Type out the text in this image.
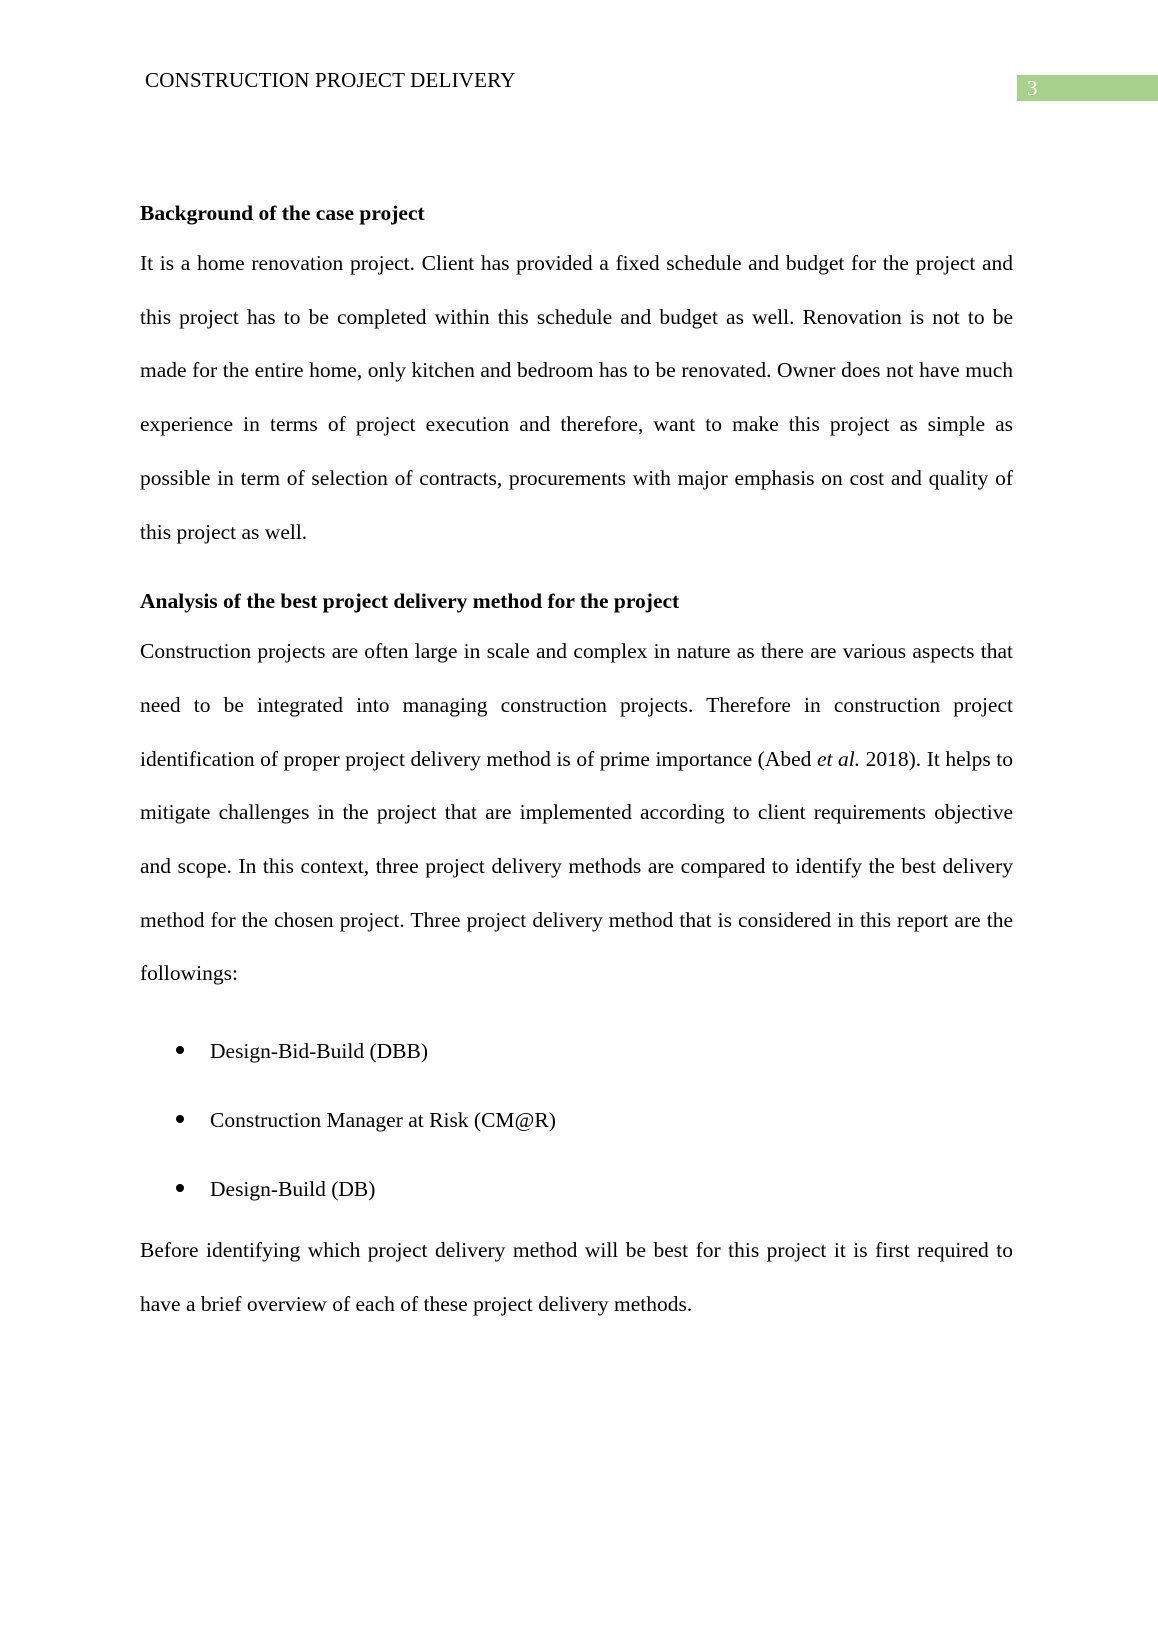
CONSTRUCTION PROJECT DELIVERY	3
Background of the case project

It is a home renovation project. Client has provided a fixed schedule and budget for the project and this project has to be completed within this schedule and budget as well. Renovation is not to be made for the entire home, only kitchen and bedroom has to be renovated. Owner does not have much experience in terms of project execution and therefore, want to make this project as simple as possible in term of selection of contracts, procurements with major emphasis on cost and quality of this project as well.

Analysis of the best project delivery method for the project

Construction projects are often large in scale and complex in nature as there are various aspects that need to be integrated into managing construction projects. Therefore in construction project identification of proper project delivery method is of prime importance (Abed et al. 2018). It helps to mitigate challenges in the project that are implemented according to client requirements objective and scope. In this context, three project delivery methods are compared to identify the best delivery method for the chosen project. Three project delivery method that is considered in this report are the followings:

Design-Bid-Build (DBB)
Construction Manager at Risk (CM@R)
Design-Build (DB)

Before identifying which project delivery method will be best for this project it is first required to have a brief overview of each of these project delivery methods.
